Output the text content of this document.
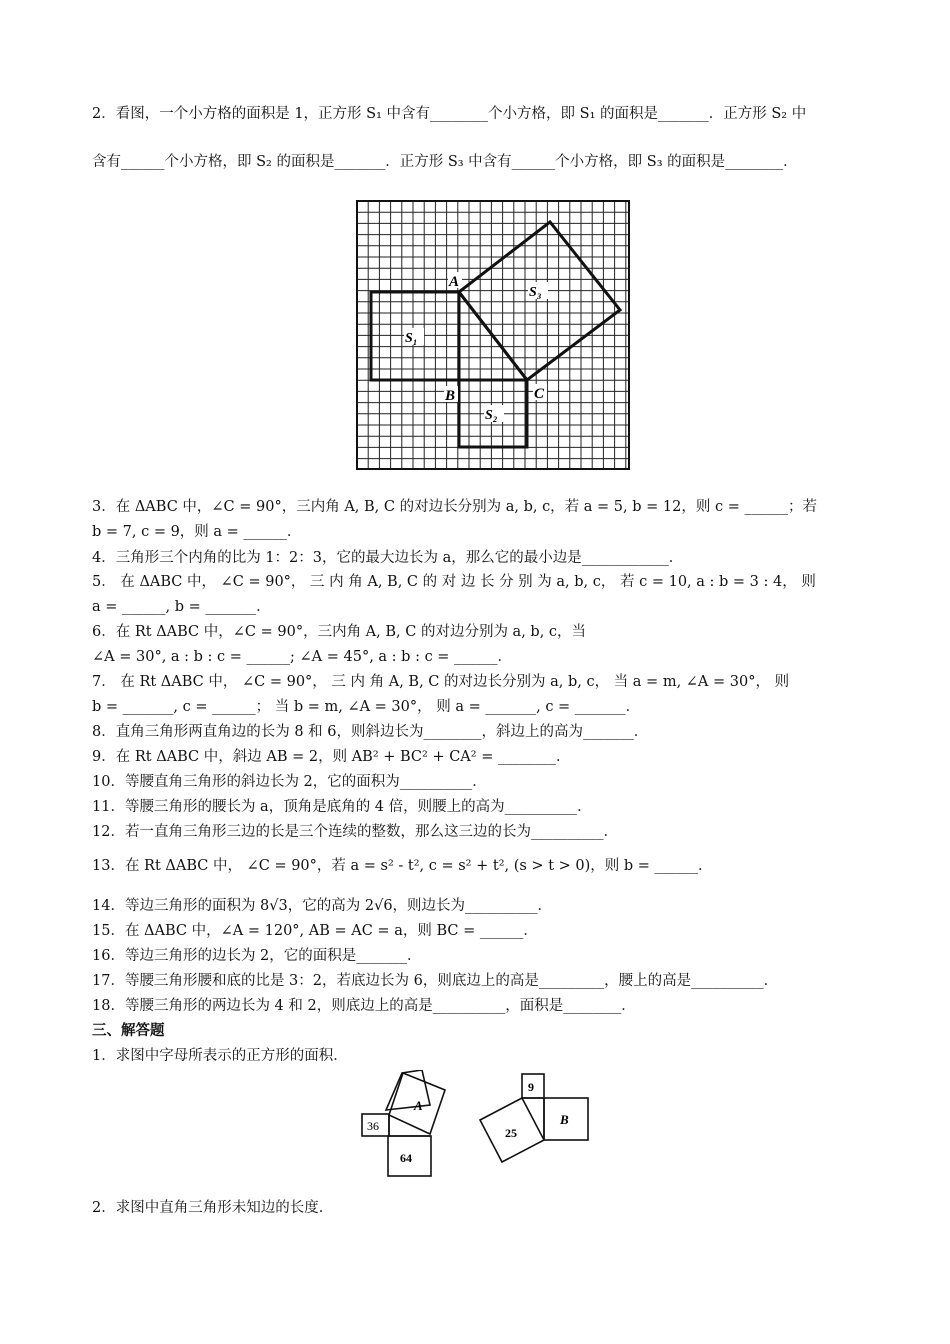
2．看图，一个小方格的面积是 1，正方形 S₁ 中含有________个小方格，即 S₁ 的面积是_______．正方形 S₂ 中
含有______个小方格，即 S₂ 的面积是_______．正方形 S₃ 中含有______个小方格，即 S₃ 的面积是________．
A
B	C
S₁
S₂
S₃
3．在 ΔABC 中，∠C = 90°，三内角 A, B, C 的对边长分别为 a, b, c，若 a = 5, b = 12，则 c = ______；若
b = 7, c = 9，则 a = ______．
4．三角形三个内角的比为 1：2：3，它的最大边长为 a，那么它的最小边是____________．
5． 在 ΔABC 中， ∠C = 90°， 三 内 角 A, B, C 的 对 边 长 分 别 为 a, b, c， 若 c = 10, a : b = 3 : 4， 则
a = ______, b = _______．
6．在 Rt ΔABC 中，∠C = 90°，三内角 A, B, C 的对边分别为 a, b, c，当
∠A = 30°, a : b : c = ______; ∠A = 45°, a : b : c = ______．
7． 在 Rt ΔABC 中， ∠C = 90°， 三 内 角 A, B, C 的对边长分别为 a, b, c， 当 a = m, ∠A = 30°， 则
b = _______, c = ______； 当 b = m, ∠A = 30°， 则 a = _______, c = _______．
8．直角三角形两直角边的长为 8 和 6，则斜边长为________，斜边上的高为_______．
9．在 Rt ΔABC 中，斜边 AB = 2，则 AB² + BC² + CA² = ________．
10．等腰直角三角形的斜边长为 2，它的面积为__________．
11．等腰三角形的腰长为 a，顶角是底角的 4 倍，则腰上的高为__________．
12．若一直角三角形三边的长是三个连续的整数，那么这三边的长为__________．
13．在 Rt ΔABC 中， ∠C = 90°，若 a = s² - t², c = s² + t², (s > t > 0)，则 b = ______．
14．等边三角形的面积为 8√3，它的高为 2√6，则边长为__________．
15．在 ΔABC 中，∠A = 120°, AB = AC = a，则 BC = ______．
16．等边三角形的边长为 2，它的面积是_______．
17．等腰三角形腰和底的比是 3：2，若底边长为 6，则底边上的高是_________，腰上的高是__________．
18．等腰三角形的两边长为 4 和 2，则底边上的高是__________，面积是________．
三、解答题
1．求图中字母所表示的正方形的面积．
A
36
64
25
9
B
2．求图中直角三角形未知边的长度．
